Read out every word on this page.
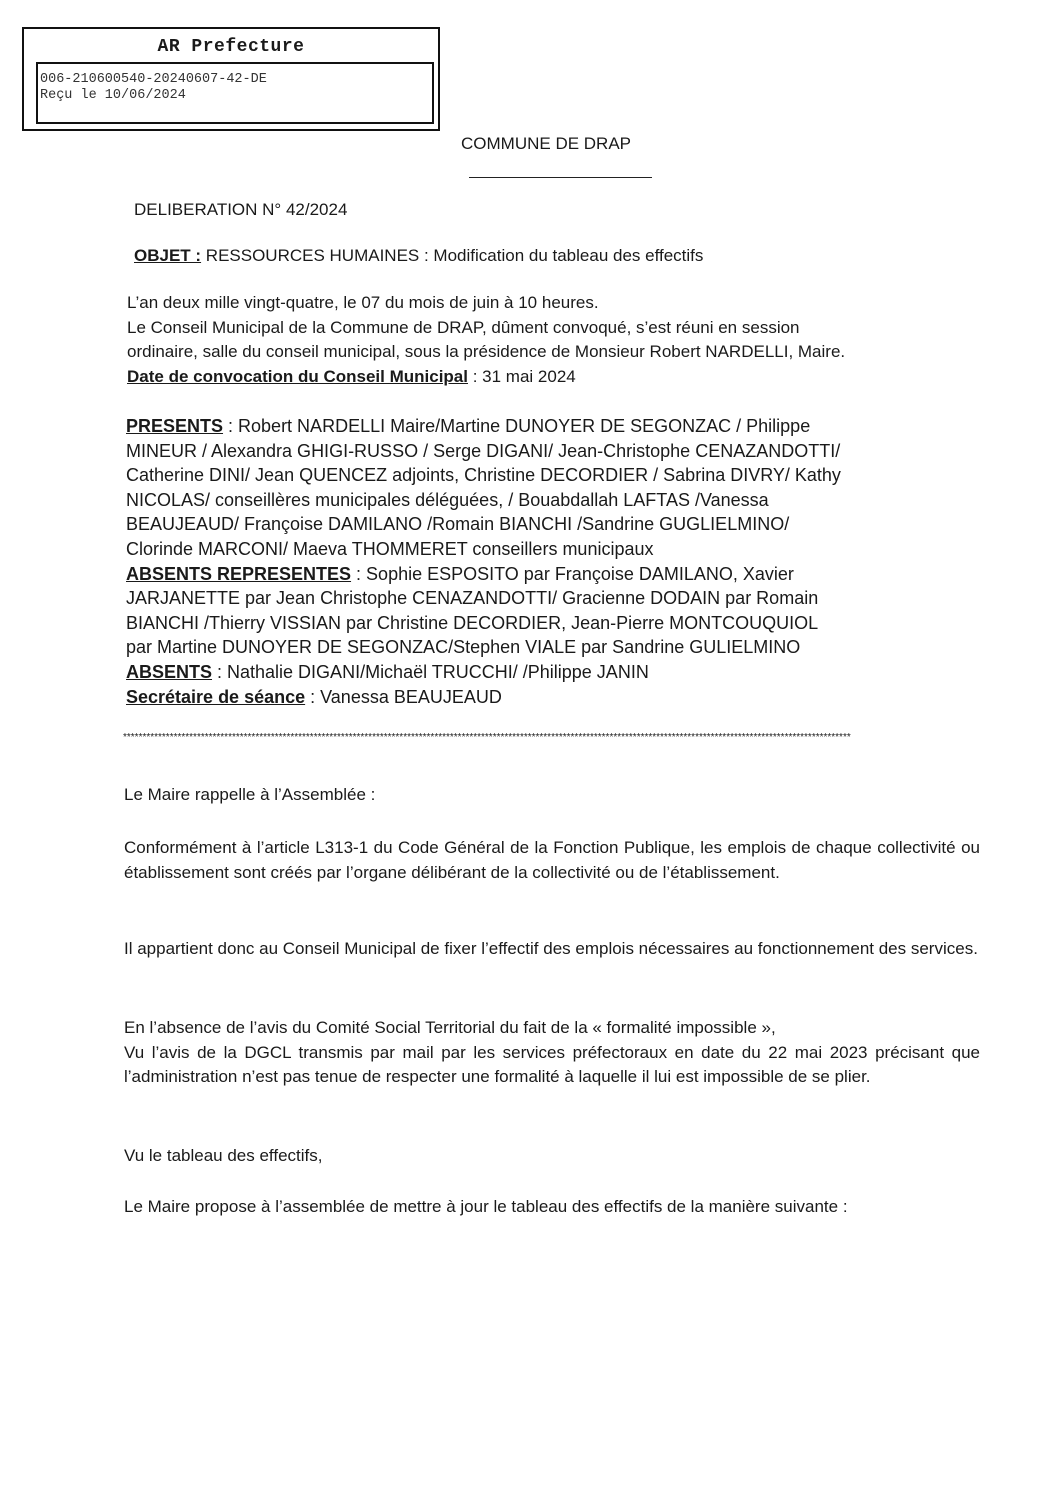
AR Prefecture
006-210600540-20240607-42-DE
Reçu le 10/06/2024
COMMUNE DE DRAP
DELIBERATION N° 42/2024
OBJET : RESSOURCES HUMAINES : Modification du tableau des effectifs
L’an deux mille vingt-quatre, le 07 du mois de juin à 10 heures.
Le Conseil Municipal de la Commune de DRAP, dûment convoqué, s’est réuni en session
ordinaire, salle du conseil municipal, sous la présidence de Monsieur Robert NARDELLI, Maire.
Date de convocation du Conseil Municipal : 31 mai 2024
PRESENTS : Robert NARDELLI Maire/Martine DUNOYER DE SEGONZAC / Philippe
MINEUR / Alexandra GHIGI-RUSSO / Serge DIGANI/ Jean-Christophe CENAZANDOTTI/
Catherine DINI/ Jean QUENCEZ adjoints, Christine DECORDIER / Sabrina DIVRY/ Kathy
NICOLAS/ conseillères municipales déléguées, / Bouabdallah LAFTAS /Vanessa
BEAUJEAUD/ Françoise DAMILANO /Romain BIANCHI /Sandrine GUGLIELMINO/
Clorinde MARCONI/ Maeva THOMMERET conseillers municipaux
ABSENTS REPRESENTES : Sophie ESPOSITO par Françoise DAMILANO, Xavier
JARJANETTE par Jean Christophe CENAZANDOTTI/ Gracienne DODAIN par Romain
BIANCHI /Thierry VISSIAN par Christine DECORDIER, Jean-Pierre MONTCOUQUIOL
par Martine DUNOYER DE SEGONZAC/Stephen VIALE par Sandrine GULIELMINO
ABSENTS : Nathalie DIGANI/Michaël TRUCCHI/ /Philippe JANIN
Secrétaire de séance : Vanessa BEAUJEAUD
*******************************************************************************************************************************************************************************************
Le Maire rappelle à l’Assemblée :
Conformément à l’article L313-1 du Code Général de la Fonction Publique, les emplois de chaque collectivité ou établissement sont créés par l’organe délibérant de la collectivité ou de l’établissement.
Il appartient donc au Conseil Municipal de fixer l’effectif des emplois nécessaires au fonctionnement des services.
En l’absence de l’avis du Comité Social Territorial du fait de la « formalité impossible »,
Vu l’avis de la DGCL transmis par mail par les services préfectoraux en date du 22 mai 2023 précisant que l’administration n’est pas tenue de respecter une formalité à laquelle il lui est impossible de se plier.
Vu le tableau des effectifs,
Le Maire propose à l’assemblée de mettre à jour le tableau des effectifs de la manière suivante :
